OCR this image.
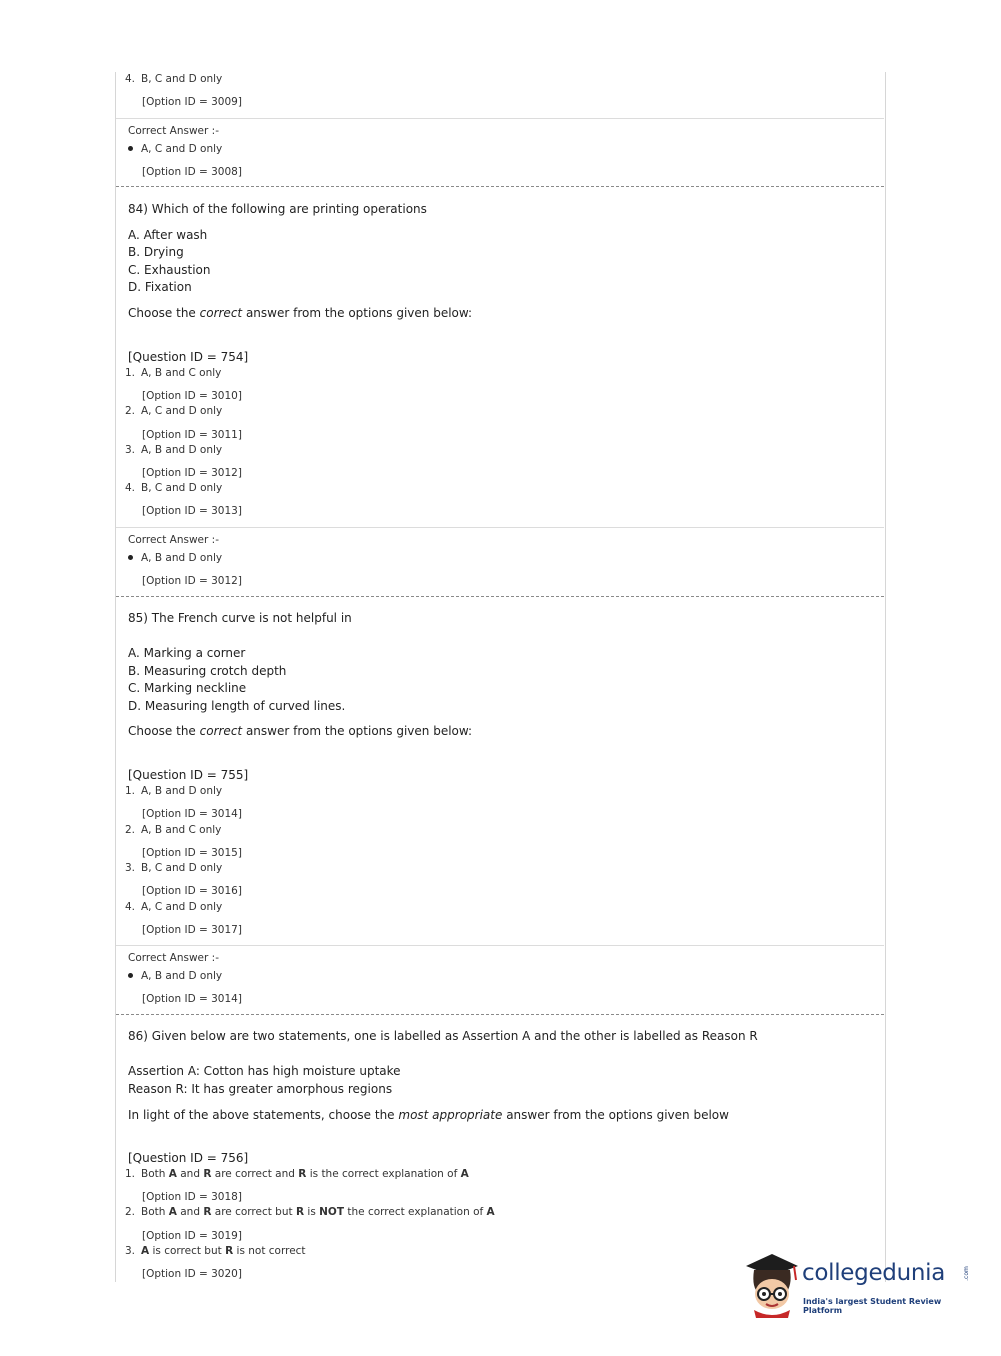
4. B, C and D only
[Option ID = 3009]
Correct Answer :-
A, C and D only
[Option ID = 3008]
84) Which of the following are printing operations
A. After wash
B. Drying
C. Exhaustion
D. Fixation
Choose the correct answer from the options given below:
[Question ID = 754]
1. A, B and C only
[Option ID = 3010]
2. A, C and D only
[Option ID = 3011]
3. A, B and D only
[Option ID = 3012]
4. B, C and D only
[Option ID = 3013]
Correct Answer :-
A, B and D only
[Option ID = 3012]
85) The French curve is not helpful in
A. Marking a corner
B. Measuring crotch depth
C. Marking neckline
D. Measuring length of curved lines.
Choose the correct answer from the options given below:
[Question ID = 755]
1. A, B and D only
[Option ID = 3014]
2. A, B and C only
[Option ID = 3015]
3. B, C and D only
[Option ID = 3016]
4. A, C and D only
[Option ID = 3017]
Correct Answer :-
A, B and D only
[Option ID = 3014]
86) Given below are two statements, one is labelled as Assertion A and the other is labelled as Reason R
Assertion A: Cotton has high moisture uptake
Reason R: It has greater amorphous regions
In light of the above statements, choose the most appropriate answer from the options given below
[Question ID = 756]
1. Both A and R are correct and R is the correct explanation of A
[Option ID = 3018]
2. Both A and R are correct but R is NOT the correct explanation of A
[Option ID = 3019]
3. A is correct but R is not correct
[Option ID = 3020]	collegedunia	.com
India's largest Student Review Platform
